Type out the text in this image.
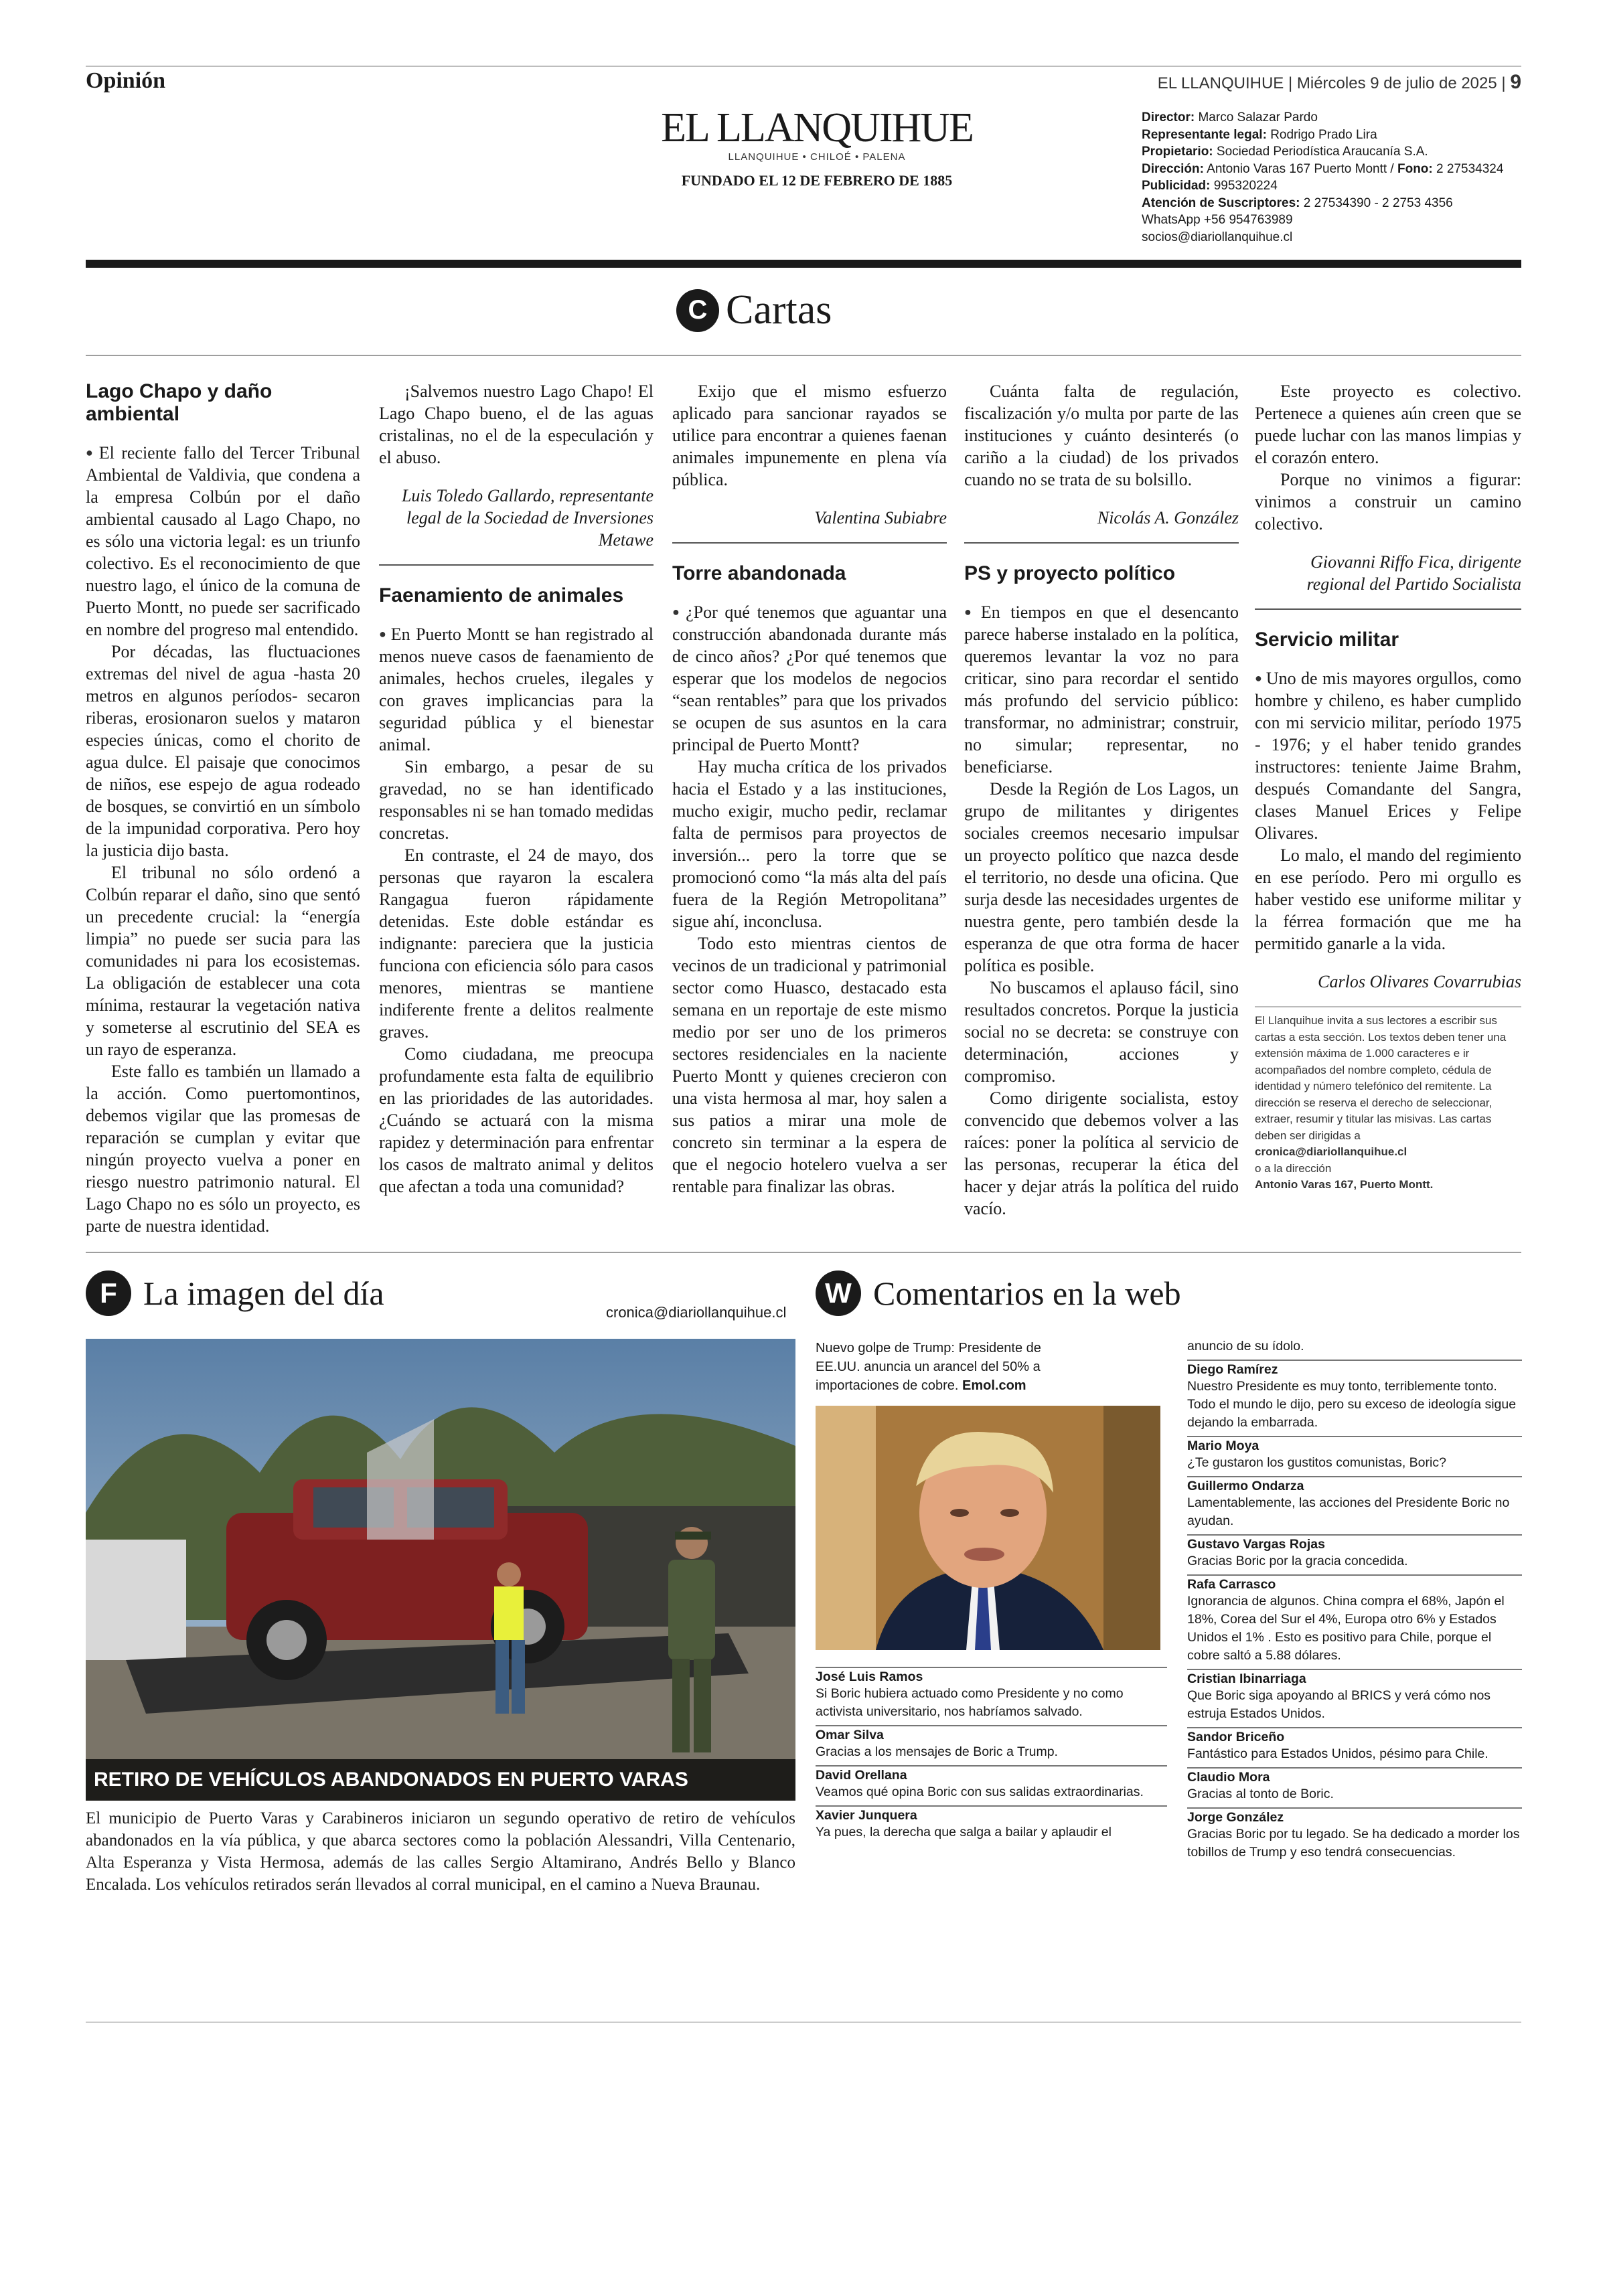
Opinión	EL LLANQUIHUE | Miércoles 9 de julio de 2025 | 9
EL LLANQUIHUE
LLANQUIHUE • CHILOÉ • PALENA
FUNDADO EL 12 DE FEBRERO DE 1885
Director: Marco Salazar Pardo
Representante legal: Rodrigo Prado Lira
Propietario: Sociedad Periodística Araucanía S.A.
Dirección: Antonio Varas 167 Puerto Montt / Fono: 2 27534324
Publicidad: 995320224
Atención de Suscriptores: 2 27534390 - 2 2753 4356
WhatsApp +56 954763989
socios@diariollanquihue.cl
C Cartas
Lago Chapo y daño ambiental

● El reciente fallo del Tercer Tribunal Ambiental de Valdivia, que condena a la empresa Colbún por el daño ambiental causado al Lago Chapo, no es sólo una victoria legal: es un triunfo colectivo. Es el reconocimiento de que nuestro lago, el único de la comuna de Puerto Montt, no puede ser sacrificado en nombre del progreso mal entendido.

Por décadas, las fluctuaciones extremas del nivel de agua -hasta 20 metros en algunos períodos- secaron riberas, erosionaron suelos y mataron especies únicas, como el chorito de agua dulce. El paisaje que conocimos de niños, ese espejo de agua rodeado de bosques, se convirtió en un símbolo de la impunidad corporativa. Pero hoy la justicia dijo basta.

El tribunal no sólo ordenó a Colbún reparar el daño, sino que sentó un precedente crucial: la “energía limpia” no puede ser sucia para las comunidades ni para los ecosistemas. La obligación de establecer una cota mínima, restaurar la vegetación nativa y someterse al escrutinio del SEA es un rayo de esperanza.

Este fallo es también un llamado a la acción. Como puertomontinos, debemos vigilar que las promesas de reparación se cumplan y evitar que ningún proyecto vuelva a poner en riesgo nuestro patrimonio natural. El Lago Chapo no es sólo un proyecto, es parte de nuestra identidad.

¡Salvemos nuestro Lago Chapo! El Lago Chapo bueno, el de las aguas cristalinas, no el de la especulación y el abuso.

Luis Toledo Gallardo, representante legal de la Sociedad de Inversiones Metawe

Faenamiento de animales

● En Puerto Montt se han registrado al menos nueve casos de faenamiento de animales, hechos crueles, ilegales y con graves implicancias para la seguridad pública y el bienestar animal.

Sin embargo, a pesar de su gravedad, no se han identificado responsables ni se han tomado medidas concretas.

En contraste, el 24 de mayo, dos personas que rayaron la escalera Rangagua fueron rápidamente detenidas. Este doble estándar es indignante: pareciera que la justicia funciona con eficiencia sólo para casos menores, mientras se mantiene indiferente frente a delitos realmente graves.

Como ciudadana, me preocupa profundamente esta falta de equilibrio en las prioridades de las autoridades. ¿Cuándo se actuará con la misma rapidez y determinación para enfrentar los casos de maltrato animal y delitos que afectan a toda una comunidad?

Exijo que el mismo esfuerzo aplicado para sancionar rayados se utilice para encontrar a quienes faenan animales impunemente en plena vía pública.

Valentina Subiabre

Torre abandonada

● ¿Por qué tenemos que aguantar una construcción abandonada durante más de cinco años? ¿Por qué tenemos que esperar que los modelos de negocios “sean rentables” para que los privados se ocupen de sus asuntos en la cara principal de Puerto Montt?

Hay mucha crítica de los privados hacia el Estado y a las instituciones, mucho exigir, mucho pedir, reclamar falta de permisos para proyectos de inversión... pero la torre que se promocionó como “la más alta del país fuera de la Región Metropolitana” sigue ahí, inconclusa.

Todo esto mientras cientos de vecinos de un tradicional y patrimonial sector como Huasco, destacado esta semana en un reportaje de este mismo medio por ser uno de los primeros sectores residenciales en la naciente Puerto Montt y quienes crecieron con una vista hermosa al mar, hoy salen a sus patios a mirar una mole de concreto sin terminar a la espera de que el negocio hotelero vuelva a ser rentable para finalizar las obras.

Cuánta falta de regulación, fiscalización y/o multa por parte de las instituciones y cuánto desinterés (o cariño a la ciudad) de los privados cuando no se trata de su bolsillo.

Nicolás A. González

PS y proyecto político

● En tiempos en que el desencanto parece haberse instalado en la política, queremos levantar la voz no para criticar, sino para recordar el sentido más profundo del servicio público: transformar, no administrar; construir, no simular; representar, no beneficiarse.

Desde la Región de Los Lagos, un grupo de militantes y dirigentes sociales creemos necesario impulsar un proyecto político que nazca desde el territorio, no desde una oficina. Que surja desde las necesidades urgentes de nuestra gente, pero también desde la esperanza de que otra forma de hacer política es posible.

No buscamos el aplauso fácil, sino resultados concretos. Porque la justicia social no se decreta: se construye con determinación, acciones y compromiso.

Como dirigente socialista, estoy convencido que debemos volver a las raíces: poner la política al servicio de las personas, recuperar la ética del hacer y dejar atrás la política del ruido vacío.

Este proyecto es colectivo. Pertenece a quienes aún creen que se puede luchar con las manos limpias y el corazón entero.

Porque no vinimos a figurar: vinimos a construir un camino colectivo.

Giovanni Riffo Fica, dirigente regional del Partido Socialista

Servicio militar

● Uno de mis mayores orgullos, como hombre y chileno, es haber cumplido con mi servicio militar, período 1975 - 1976; y el haber tenido grandes instructores: teniente Jaime Brahm, después Comandante del Sangra, clases Manuel Erices y Felipe Olivares.

Lo malo, el mando del regimiento en ese período. Pero mi orgullo es haber vestido ese uniforme militar y la férrea formación que me ha permitido ganarle a la vida.

Carlos Olivares Covarrubias

El Llanquihue invita a sus lectores a escribir sus cartas a esta sección. Los textos deben tener una extensión máxima de 1.000 caracteres e ir acompañados del nombre completo, cédula de identidad y número telefónico del remitente. La dirección se reserva el derecho de seleccionar, extraer, resumir y titular las misivas. Las cartas deben ser dirigidas a
cronica@diariollanquihue.cl
o a la dirección
Antonio Varas 167, Puerto Montt.
F La imagen del día
cronica@diariollanquihue.cl
RETIRO DE VEHÍCULOS ABANDONADOS EN PUERTO VARAS
El municipio de Puerto Varas y Carabineros iniciaron un segundo operativo de retiro de vehículos abandonados en la vía pública, y que abarca sectores como la población Alessandri, Villa Centenario, Alta Esperanza y Vista Hermosa, además de las calles Sergio Altamirano, Andrés Bello y Blanco Encalada. Los vehículos retirados serán llevados al corral municipal, en el camino a Nueva Braunau.
W Comentarios en la web
Nuevo golpe de Trump: Presidente de EE.UU. anuncia un arancel del 50% a importaciones de cobre. Emol.com
José Luis Ramos
Si Boric hubiera actuado como Presidente y no como activista universitario, nos habríamos salvado.
Omar Silva
Gracias a los mensajes de Boric a Trump.
David Orellana
Veamos qué opina Boric con sus salidas extraordinarias.
Xavier Junquera
Ya pues, la derecha que salga a bailar y aplaudir el
anuncio de su ídolo.
Diego Ramírez
Nuestro Presidente es muy tonto, terriblemente tonto. Todo el mundo le dijo, pero su exceso de ideología sigue dejando la embarrada.
Mario Moya
¿Te gustaron los gustitos comunistas, Boric?
Guillermo Ondarza
Lamentablemente, las acciones del Presidente Boric no ayudan.
Gustavo Vargas Rojas
Gracias Boric por la gracia concedida.
Rafa Carrasco
Ignorancia de algunos. China compra el 68%, Japón el 18%, Corea del Sur el 4%, Europa otro 6% y Estados Unidos el 1% . Esto es positivo para Chile, porque el cobre saltó a 5.88 dólares.
Cristian Ibinarriaga
Que Boric siga apoyando al BRICS y verá cómo nos estruja Estados Unidos.
Sandor Briceño
Fantástico para Estados Unidos, pésimo para Chile.
Claudio Mora
Gracias al tonto de Boric.
Jorge González
Gracias Boric por tu legado. Se ha dedicado a morder los tobillos de Trump y eso tendrá consecuencias.
